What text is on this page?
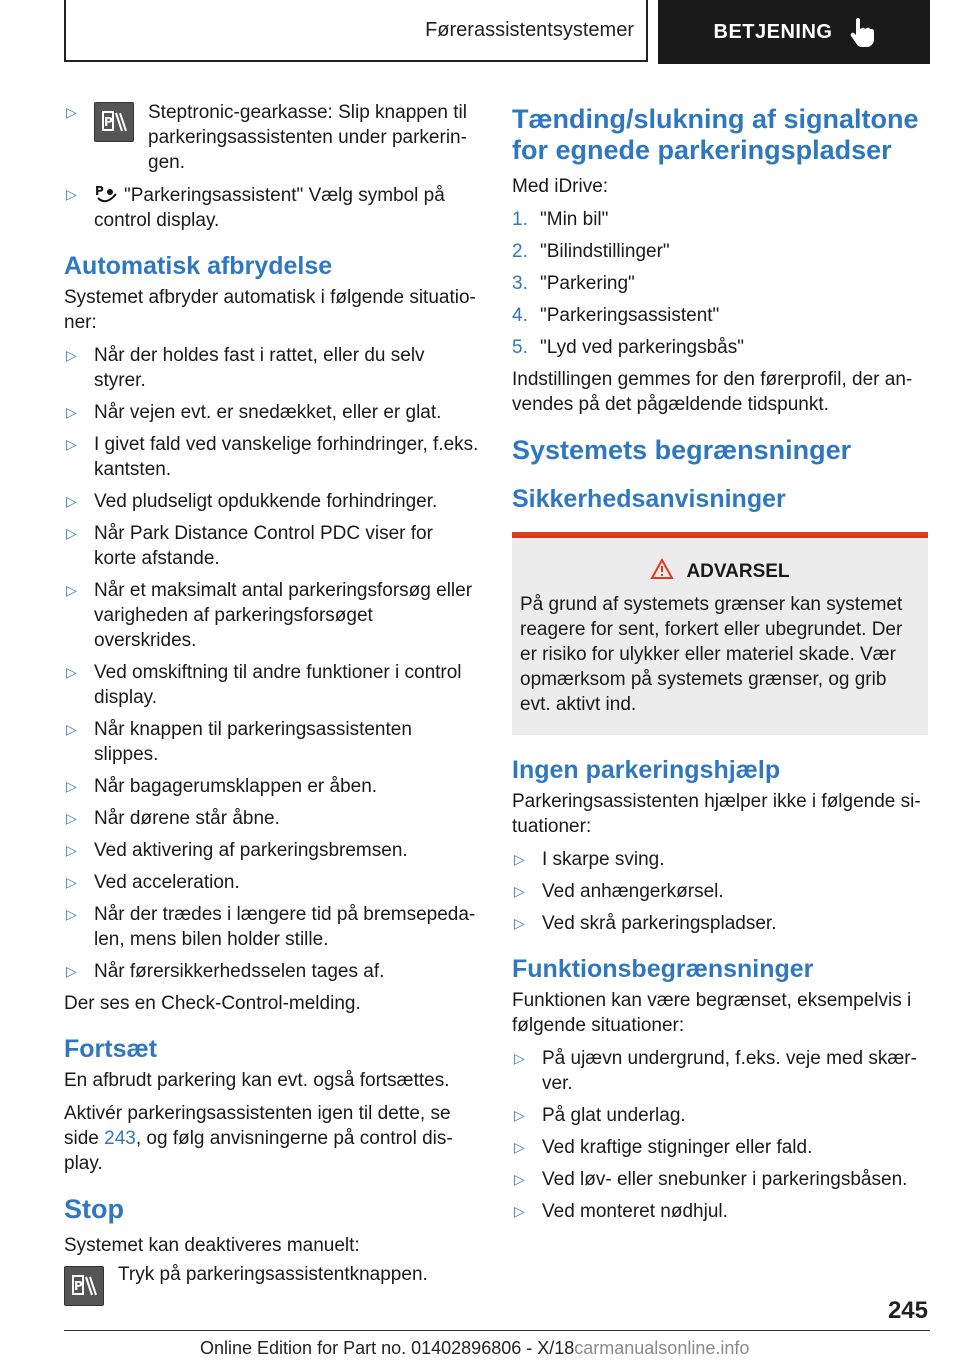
Førerassistentsystemer	BETJENING
▷ P Steptronic-gearkasse: Slip knappen til parkeringsassistenten under parkerin- gen.
▷ P "Parkeringsassistent" Vælg symbol på control display.
Automatisk afbrydelse

Systemet afbryder automatisk i følgende situatio- ner:

▷ Når der holdes fast i rattet, eller du selv styrer.
▷ Når vejen evt. er snedækket, eller er glat.
▷ I givet fald ved vanskelige forhindringer, f.eks. kantsten.
▷ Ved pludseligt opdukkende forhindringer.
▷ Når Park Distance Control PDC viser for korte afstande.
▷ Når et maksimalt antal parkeringsforsøg eller varigheden af parkeringsforsøget overskrides.
▷ Ved omskiftning til andre funktioner i control display.
▷ Når knappen til parkeringsassistenten slippes.
▷ Når bagagerumsklappen er åben.
▷ Når dørene står åbne.
▷ Ved aktivering af parkeringsbremsen.
▷ Ved acceleration.
▷ Når der trædes i længere tid på bremsepeda- len, mens bilen holder stille.
▷ Når førersikkerhedsselen tages af.

Der ses en Check-Control-melding.

Fortsæt

En afbrudt parkering kan evt. også fortsættes.

Aktivér parkeringsassistenten igen til dette, se side 243, og følg anvisningerne på control dis- play.

Stop

Systemet kan deaktiveres manuelt:

P
Tryk på parkeringsassistentknappen.
Tænding/slukning af signaltone for egnede parkeringspladser

Med iDrive:

1. "Min bil"
2. "Bilindstillinger"
3. "Parkering"
4. "Parkeringsassistent"
5. "Lyd ved parkeringsbås"

Indstillingen gemmes for den førerprofil, der an- vendes på det pågældende tidspunkt.

Systemets begrænsninger
Sikkerhedsanvisninger
ADVARSEL
På grund af systemets grænser kan systemet reagere for sent, forkert eller ubegrundet. Der er risiko for ulykker eller materiel skade. Vær opmærksom på systemets grænser, og grib evt. aktivt ind.
Ingen parkeringshjælp

Parkeringsassistenten hjælper ikke i følgende si- tuationer:

▷ I skarpe sving.
▷ Ved anhængerkørsel.
▷ Ved skrå parkeringspladser.
Funktionsbegrænsninger

Funktionen kan være begrænset, eksempelvis i følgende situationer:

▷ På ujævn undergrund, f.eks. veje med skær- ver.
▷ På glat underlag.
▷ Ved kraftige stigninger eller fald.
▷ Ved løv- eller snebunker i parkeringsbåsen.
▷ Ved monteret nødhjul.
245
Online Edition for Part no. 01402896806 - X/18carmanualsonline.info
